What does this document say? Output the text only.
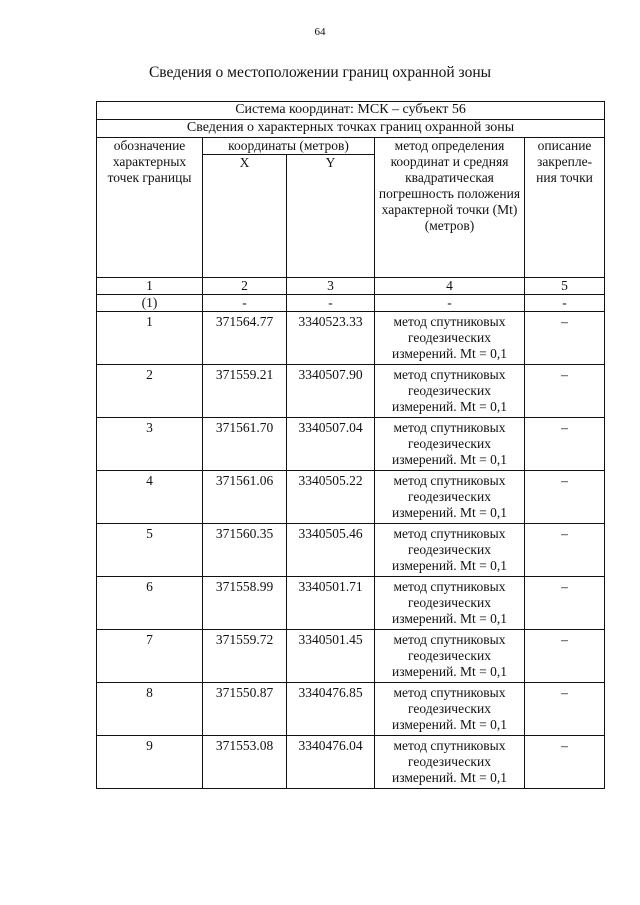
64
Сведения о местоположении границ охранной зоны
Система координат: МСК – субъект 56				
Сведения о характерных точках границ охранной зоны				
обозначение характерных точек границы	координаты (метров)		метод определения координат и средняя квадратическая погрешность положения характерной точки (Mt) (метров)	описание закрепле-ния точки
	X	Y		
1	2	3	4	5
(1)	-	-	-	-
1	371564.77	3340523.33	метод спутниковых
геодезических
измерений. Mt = 0,1	–
2	371559.21	3340507.90	метод спутниковых
геодезических
измерений. Mt = 0,1	–
3	371561.70	3340507.04	метод спутниковых
геодезических
измерений. Mt = 0,1	–
4	371561.06	3340505.22	метод спутниковых
геодезических
измерений. Mt = 0,1	–
5	371560.35	3340505.46	метод спутниковых
геодезических
измерений. Mt = 0,1	–
6	371558.99	3340501.71	метод спутниковых
геодезических
измерений. Mt = 0,1	–
7	371559.72	3340501.45	метод спутниковых
геодезических
измерений. Mt = 0,1	–
8	371550.87	3340476.85	метод спутниковых
геодезических
измерений. Mt = 0,1	–
9	371553.08	3340476.04	метод спутниковых
геодезических
измерений. Mt = 0,1	–
